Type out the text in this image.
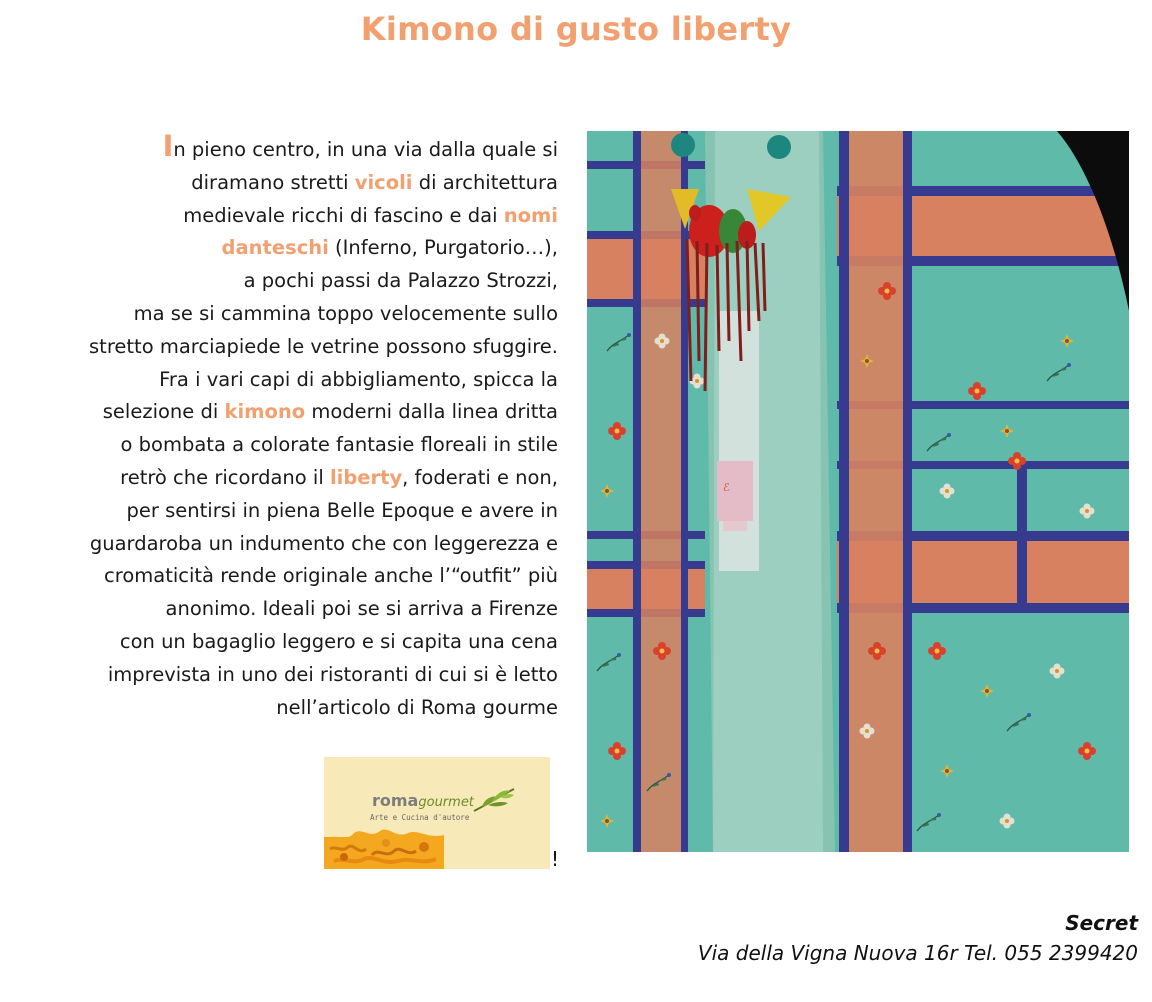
Kimono di gusto liberty
In pieno centro, in una via dalla quale si
diramano stretti vicoli di architettura
medievale ricchi di fascino e dai nomi
danteschi (Inferno, Purgatorio…),
a pochi passi da Palazzo Strozzi,
ma se si cammina toppo velocemente sullo
stretto marciapiede le vetrine possono sfuggire.
Fra i vari capi di abbigliamento, spicca la
selezione di kimono moderni dalla linea dritta
o bombata a colorate fantasie floreali in stile
retrò che ricordano il liberty, foderati e non,
per sentirsi in piena Belle Epoque e avere in
guardaroba un indumento che con leggerezza e
cromaticità rende originale anche l’“outfit” più
anonimo. Ideali poi se si arriva a Firenze
con un bagaglio leggero e si capita una cena
imprevista in uno dei ristoranti di cui si è letto
nell’articolo di Roma gourme
romagourmet
Arte e Cucina d'autore
!
ℰ
Secret
Via della Vigna Nuova 16r Tel. 055 2399420
